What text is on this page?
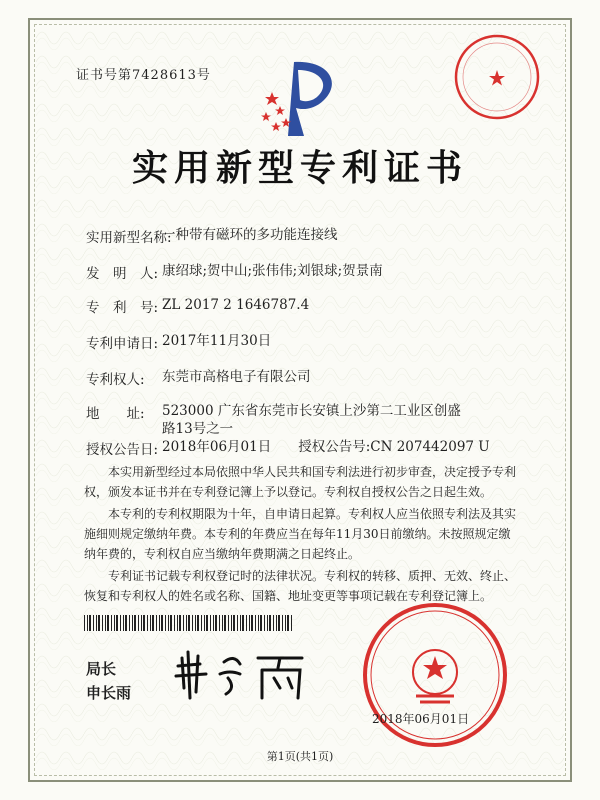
证书号第7428613号
实用新型专利证书
实用新型名称:
一种带有磁环的多功能连接线
发　明　人: 康绍球;贺中山;张伟伟;刘银球;贺景南
专　利　号: ZL 2017 2 1646787.4
专利申请日: 2017年11月30日
专利权人:	东莞市高格电子有限公司
地　　址:	523000 广东省东莞市长安镇上沙第二工业区创盛路13号之一
授权公告日: 2018年06月01日　　授权公告号:CN 207442097 U
本实用新型经过本局依照中华人民共和国专利法进行初步审查，决定授予专利权，颁发本证书并在专利登记簿上予以登记。专利权自授权公告之日起生效。
本专利的专利权期限为十年，自申请日起算。专利权人应当依照专利法及其实施细则规定缴纳年费。本专利的年费应当在每年11月30日前缴纳。未按照规定缴纳年费的，专利权自应当缴纳年费期满之日起终止。
专利证书记载专利权登记时的法律状况。专利权的转移、质押、无效、终止、恢复和专利权人的姓名或名称、国籍、地址变更等事项记载在专利登记簿上。
局长
申长雨
2018年06月01日
第1页(共1页)
